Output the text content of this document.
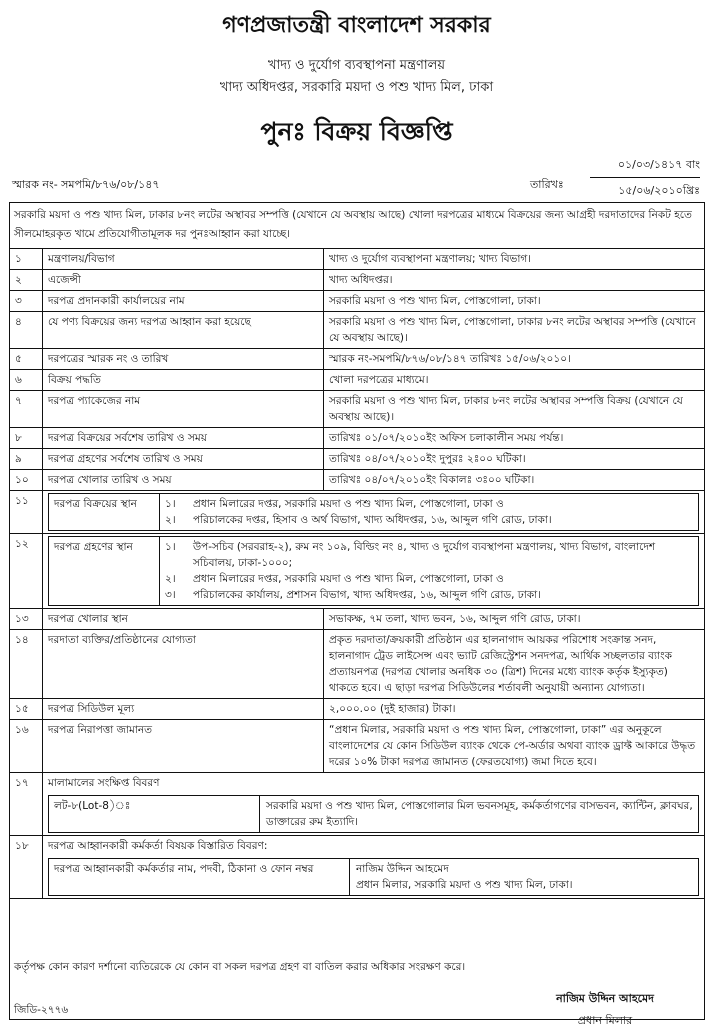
গণপ্রজাতন্ত্রী বাংলাদেশ সরকার
খাদ্য ও দুর্যোগ ব্যবস্থাপনা মন্ত্রণালয়
খাদ্য অধিদপ্তর, সরকারি ময়দা ও পশু খাদ্য মিল, ঢাকা
পুনঃ বিক্রয় বিজ্ঞপ্তি
স্মারক নং- সমপমি/৮৭৬/০৮/১৪৭	তারিখঃ
০১/০৩/১৪১৭ বাং
১৫/০৬/২০১০খ্রিঃ
সরকারি ময়দা ও পশু খাদ্য মিল, ঢাকার ৮নং লটের অস্থাবর সম্পত্তি (যেখানে যে অবস্থায় আছে) খোলা দরপত্রের মাধ্যমে বিক্রয়ের জন্য আগ্রহী দরদাতাদের নিকট হতে সীলমোহরকৃত খামে প্রতিযোগীতামূলক দর পুনঃআহ্বান করা যাচ্ছে।
১	মন্ত্রণালয়/বিভাগ	খাদ্য ও দুর্যোগ ব্যবস্থাপনা মন্ত্রণালয়; খাদ্য বিভাগ।
২	এজেন্সী	খাদ্য অধিদপ্তর।
৩	দরপত্র প্রদানকারী কার্যালয়ের নাম	সরকারি ময়দা ও পশু খাদ্য মিল, পোস্তগোলা, ঢাকা।
৪	যে পণ্য বিক্রয়ের জন্য দরপত্র আহ্বান করা হয়েছে	সরকারি ময়দা ও পশু খাদ্য মিল, পোস্তগোলা, ঢাকার ৮নং লটের অস্থাবর সম্পত্তি (যেখানে যে অবস্থায় আছে)।
৫	দরপত্রের স্মারক নং ও তারিখ	স্মারক নং-সমপমি/৮৭৬/০৮/১৪৭ তারিখঃ ১৫/০৬/২০১০।
৬	বিক্রয় পদ্ধতি	খোলা দরপত্রের মাধ্যমে।
৭	দরপত্র প্যাকেজের নাম	সরকারি ময়দা ও পশু খাদ্য মিল, ঢাকার ৮নং লটের অস্থাবর সম্পত্তি বিক্রয় (যেখানে যে অবস্থায় আছে)।
৮	দরপত্র বিক্রয়ের সর্বশেষ তারিখ ও সময়	তারিখঃ ০১/০৭/২০১০ইং অফিস চলাকালীন সময় পর্যন্ত।
৯	দরপত্র গ্রহণের সর্বশেষ তারিখ ও সময়	তারিখঃ ০৪/০৭/২০১০ইং দুপুরঃ ২ঃ০০ ঘটিকা।
১০	দরপত্র খোলার তারিখ ও সময়	তারিখঃ ০৪/০৭/২০১০ইং বিকালঃ ৩ঃ০০ ঘটিকা।
১১	দরপত্র বিক্রয়ের স্থান	১।	প্রধান মিলারের দপ্তর, সরকারি ময়দা ও পশু খাদ্য মিল, পোস্তগোলা, ঢাকা ও
২।	পরিচালকের দপ্তর, হিসাব ও অর্থ বিভাগ, খাদ্য অধিদপ্তর, ১৬, আব্দুল গণি রোড, ঢাকা।

১২	দরপত্র গ্রহণের স্থান	১।	উপ-সচিব (সরবরাহ-২), রুম নং ১০৯, বিল্ডিং নং ৪, খাদ্য ও দুর্যোগ ব্যবস্থাপনা মন্ত্রণালয়, খাদ্য বিভাগ, বাংলাদেশ সচিবালয়, ঢাকা-১০০০;
২।	প্রধান মিলারের দপ্তর, সরকারি ময়দা ও পশু খাদ্য মিল, পোস্তগোলা, ঢাকা ও
৩।	পরিচালকের কার্যালয়, প্রশাসন বিভাগ, খাদ্য অধিদপ্তর, ১৬, আব্দুল গণি রোড, ঢাকা।

১৩	দরপত্র খোলার স্থান	সভাকক্ষ, ৭ম তলা, খাদ্য ভবন, ১৬, আব্দুল গণি রোড, ঢাকা।
১৪	দরদাতা ব্যক্তির/প্রতিষ্ঠানের যোগ্যতা	প্রকৃত দরদাতা/ক্রয়কারী প্রতিষ্ঠান এর হালনাগাদ আয়কর পরিশোধ সংক্রান্ত সনদ, হালনাগাদ ট্রেড লাইসেন্স এবং ভ্যাট রেজিস্ট্রেশন সনদপত্র, আর্থিক সচ্ছলতার ব্যাংক প্রত্যায়নপত্র (দরপত্র খোলার অনধিক ৩০ (ত্রিশ) দিনের মধ্যে ব্যাংক কর্তৃক ইস্যুকৃত) থাকতে হবে। এ ছাড়া দরপত্র সিডিউলের শর্তাবলী অনুযায়ী অন্যান্য যোগ্যতা।
১৫	দরপত্র সিডিউল মূল্য	২,০০০.০০ (দুই হাজার) টাকা।
১৬	দরপত্র নিরাপত্তা জামানত	“প্রধান মিলার, সরকারি ময়দা ও পশু খাদ্য মিল, পোস্তগোলা, ঢাকা” এর অনুকূলে বাংলাদেশের যে কোন সিডিউল ব্যাংক থেকে পে-অর্ডার অথবা ব্যাংক ড্রাফ্ট আকারে উদ্ধৃত দরের ১০% টাকা দরপত্র জামানত (ফেরতযোগ্য) জমা দিতে হবে।
১৭	মালামালের সংক্ষিপ্ত বিবরণ
লট-৮(Lot-8)ঃ	সরকারি ময়দা ও পশু খাদ্য মিল, পোস্তগোলার মিল ভবনসমূহ, কর্মকর্তাগণের বাসভবন, ক্যান্টিন, ক্লাবঘর, ডাক্তারের রুম ইত্যাদি।

১৮	দরপত্র আহ্বানকারী কর্মকর্তা বিষয়ক বিস্তারিত বিবরণ:
দরপত্র আহ্বানকারী কর্মকর্তার নাম, পদবী, ঠিকানা ও ফোন নম্বর	নাজিম উদ্দিন আহমেদ
প্রধান মিলার, সরকারি ময়দা ও পশু খাদ্য মিল, ঢাকা।
কর্তৃপক্ষ কোন কারণ দর্শানো ব্যতিরেকে যে কোন বা সকল দরপত্র গ্রহণ বা বাতিল করার অধিকার সংরক্ষণ করে।
জিডি-২৭৭৬
নাজিম উদ্দিন আহমেদ
প্রধান মিলার
